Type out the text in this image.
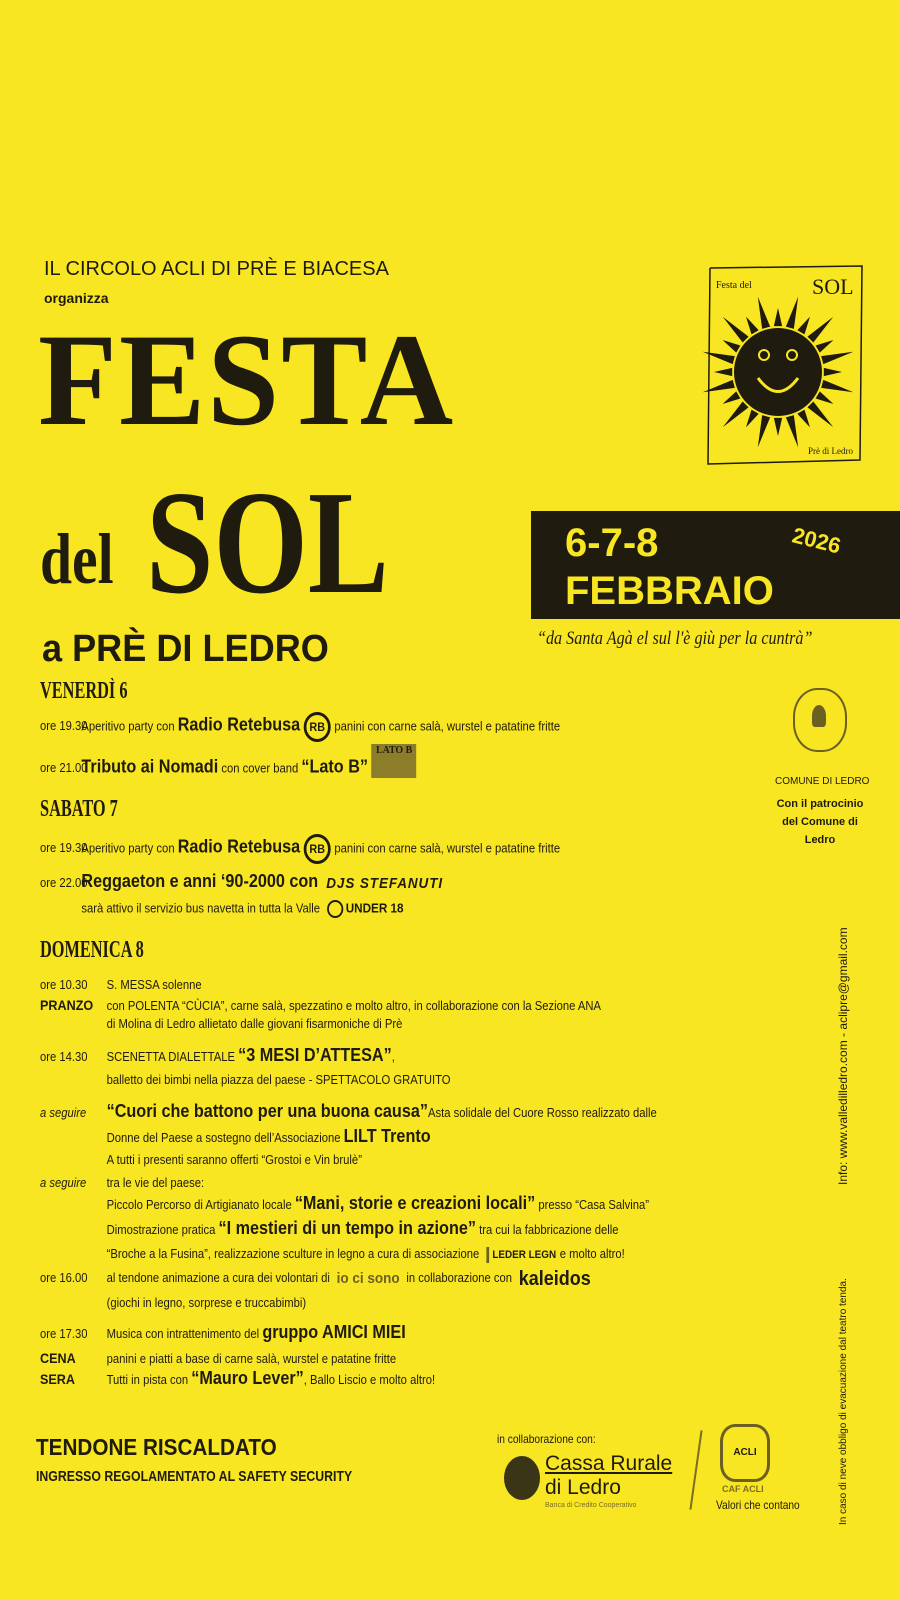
IL CIRCOLO ACLI DI PRÈ E BIACESA
organizza
FESTA
del SOL
a PRÈ DI LEDRO
Festa del	SOL
Prè di Ledro
6-7-8
FEBBRAIO
2026
“da Santa Agà el sul l'è giù per la cuntrà”
VENERDÌ 6
SABATO 7
DOMENICA 8
ore 19.30Aperitivo party con Radio Retebusa RB panini con carne salà, wurstel e patatine fritte
ore 21.00Tributo ai Nomadi con cover band “Lato B”LATO B
ore 19.30Aperitivo party con Radio Retebusa RB panini con carne salà, wurstel e patatine fritte
ore 22.00Reggaeton e anni ‘90-2000 con DJS STEFANUTI
sarà attivo il servizio bus navetta in tutta la Valle UNDER 18
ore 10.30 S. MESSA solenne
PRANZO con POLENTA “CÙCIA”, carne salà, spezzatino e molto altro, in collaborazione con la Sezione ANA
di Molina di Ledro allietato dalle giovani fisarmoniche di Prè
ore 14.30 SCENETTA DIALETTALE “3 MESI D’ATTESA”,
balletto dei bimbi nella piazza del paese - SPETTACOLO GRATUITO
a seguire “Cuori che battono per una buona causa”Asta solidale del Cuore Rosso realizzato dalle
Donne del Paese a sostegno dell’Associazione LILT Trento
A tutti i presenti saranno offerti “Grostoi e Vin brulè”
a seguire tra le vie del paese:
Piccolo Percorso di Artigianato locale “Mani, storie e creazioni locali” presso “Casa Salvina”
Dimostrazione pratica “I mestieri di un tempo in azione” tra cui la fabbricazione delle
“Broche a la Fusina”, realizzazione sculture in legno a cura di associazione LEDER LEGN e molto altro!
ore 16.00 al tendone animazione a cura dei volontari di io ci sono in collaborazione con kaleidos
(giochi in legno, sorprese e truccabimbi)
ore 17.30 Musica con intrattenimento del gruppo AMICI MIEI
CENA panini e piatti a base di carne salà, wurstel e patatine fritte
SERA	Tutti in pista con “Mauro Lever”, Ballo Liscio e molto altro!
COMUNE DI LEDRO
Con il patrocinio del Comune di Ledro
Info: www.valledilledro.com - aclipre@gmail.com
In caso di neve obbligo di evacuazione dal teatro tenda.
TENDONE RISCALDATO
INGRESSO REGOLAMENTATO AL SAFETY SECURITY
in collaborazione con:
Cassa Rurale
di Ledro
Banca di Credito Cooperativo
ACLI
CAF ACLI
Valori che contano
